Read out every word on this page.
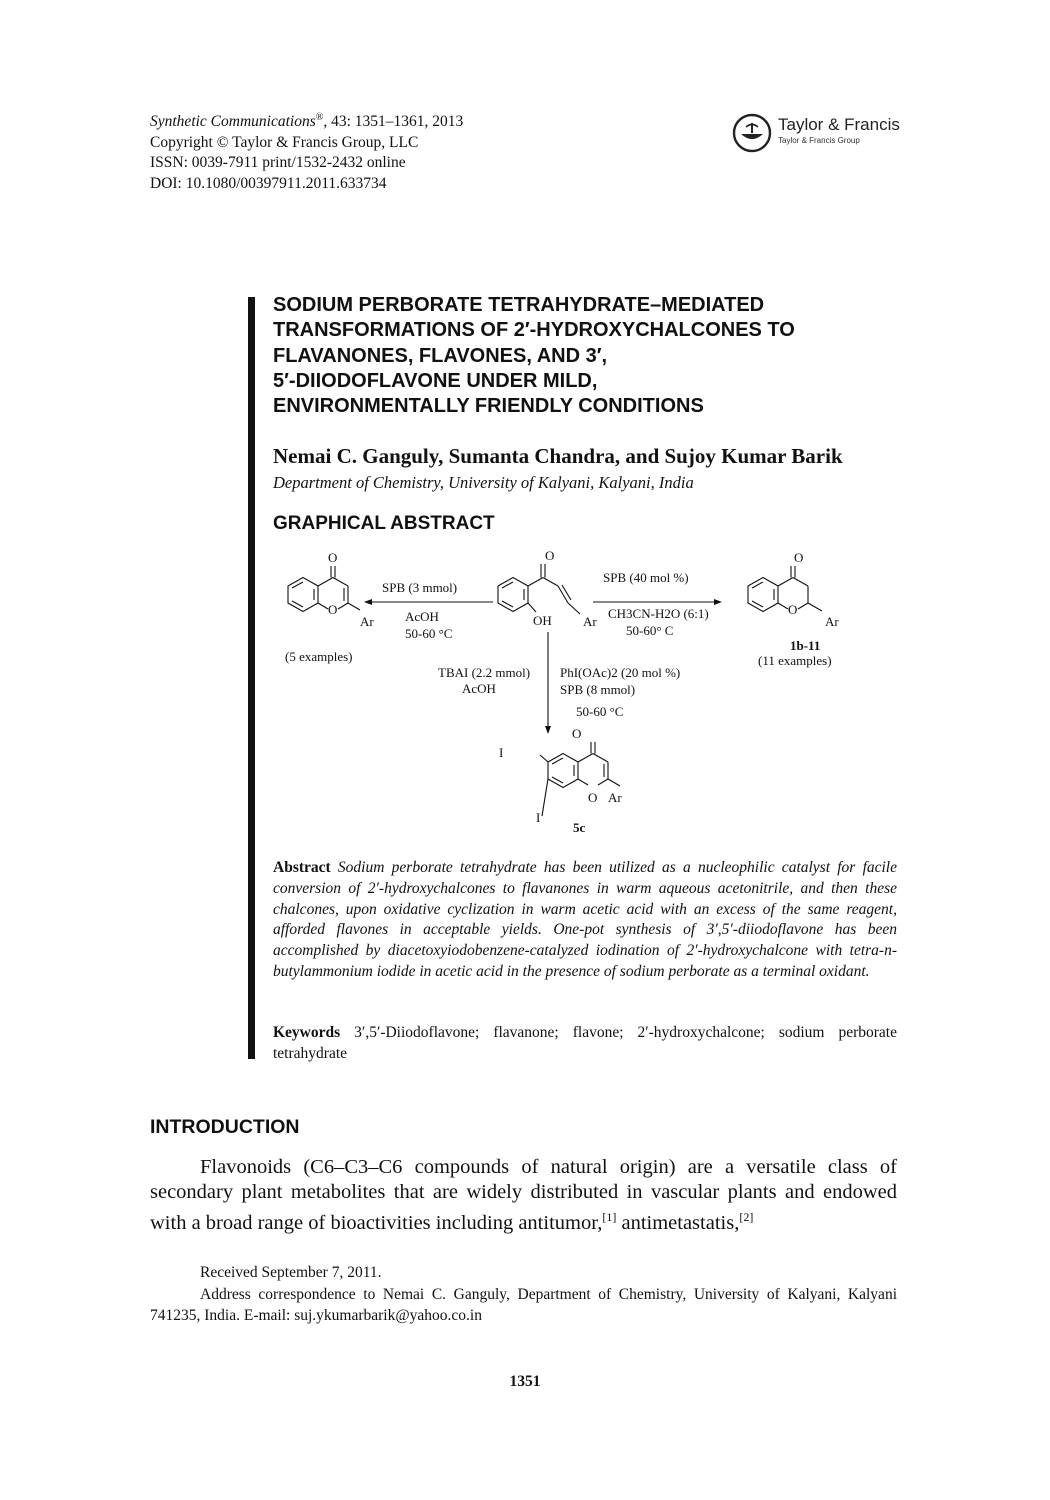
Synthetic Communications®, 43: 1351–1361, 2013
Copyright © Taylor & Francis Group, LLC
ISSN: 0039-7911 print/1532-2432 online
DOI: 10.1080/00397911.2011.633734
Taylor & Francis
Taylor & Francis Group
SODIUM PERBORATE TETRAHYDRATE–MEDIATED
TRANSFORMATIONS OF 2′-HYDROXYCHALCONES TO
FLAVANONES, FLAVONES, AND 3′,
5′-DIIODOFLAVONE UNDER MILD,
ENVIRONMENTALLY FRIENDLY CONDITIONS
Nemai C. Ganguly, Sumanta Chandra, and Sujoy Kumar Barik
Department of Chemistry, University of Kalyani, Kalyani, India
GRAPHICAL ABSTRACT
O
O
Ar
O
OH Ar
O
O
Ar
O
O Ar
I
I
SPB (3 mmol)
AcOH
50-60 °C
(5 examples)
SPB (40 mol %)
CH3CN-H2O (6:1)
50-60° C
1b-11
(11 examples)
TBAI (2.2 mmol)
AcOH
PhI(OAc)2 (20 mol %)
SPB (8 mmol)
50-60 °C
5c
Abstract Sodium perborate tetrahydrate has been utilized as a nucleophilic catalyst for facile conversion of 2′-hydroxychalcones to flavanones in warm aqueous acetonitrile, and then these chalcones, upon oxidative cyclization in warm acetic acid with an excess of the same reagent, afforded flavones in acceptable yields. One-pot synthesis of 3′,5′-diiodoflavone has been accomplished by diacetoxyiodobenzene-catalyzed iodination of 2′-hydroxychalcone with tetra-n-butylammonium iodide in acetic acid in the presence of sodium perborate as a terminal oxidant.
Keywords 3′,5′-Diiodoflavone; flavanone; flavone; 2′-hydroxychalcone; sodium perborate tetrahydrate
INTRODUCTION
Flavonoids (C6–C3–C6 compounds of natural origin) are a versatile class of secondary plant metabolites that are widely distributed in vascular plants and endowed with a broad range of bioactivities including antitumor,[1] antimetastatis,[2]

Received September 7, 2011.

Address correspondence to Nemai C. Ganguly, Department of Chemistry, University of Kalyani, Kalyani 741235, India. E-mail: suj.ykumarbarik@yahoo.co.in

1351
